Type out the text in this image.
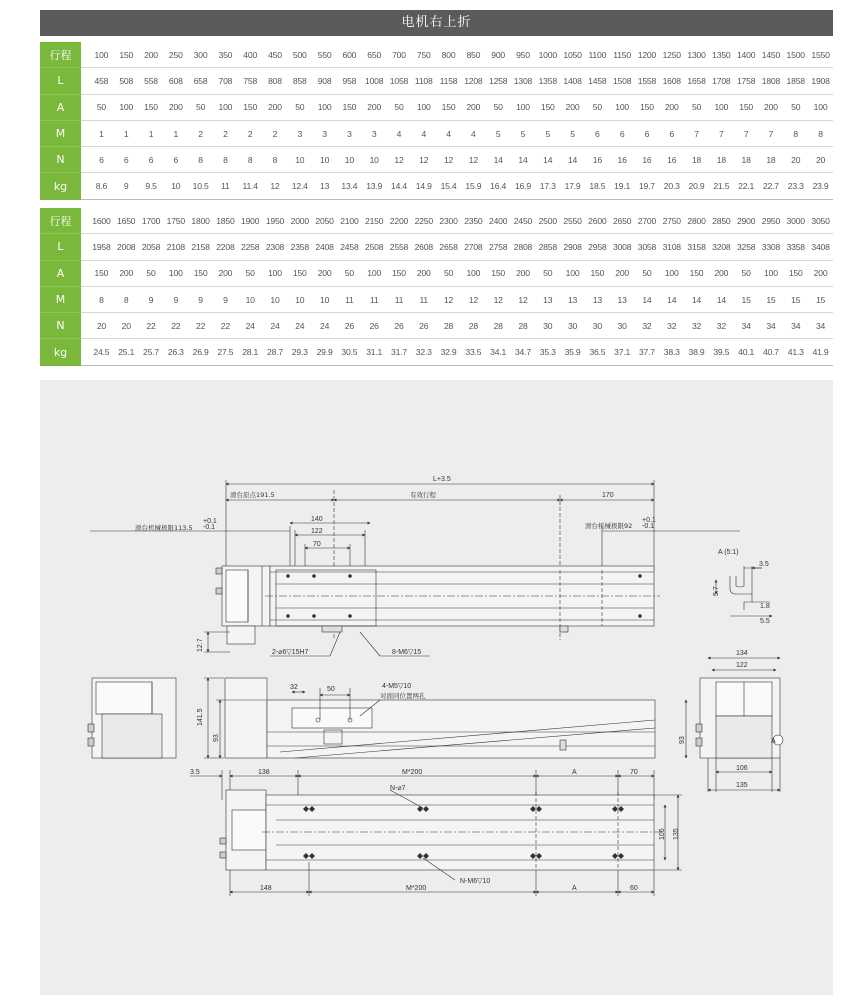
电机右上折
行程		100	150	200	250	300	350	400	450	500	550	600	650	700	750	800	850	900	950	1000	1050	1100	1150	1200	1250	1300	1350	1400	1450	1500	1550
L		458	508	558	608	658	708	758	808	858	908	958	1008	1058	1108	1158	1208	1258	1308	1358	1408	1458	1508	1558	1608	1658	1708	1758	1808	1858	1908
A		50	100	150	200	50	100	150	200	50	100	150	200	50	100	150	200	50	100	150	200	50	100	150	200	50	100	150	200	50	100
M		1	1	1	1	2	2	2	2	3	3	3	3	4	4	4	4	5	5	5	5	6	6	6	6	7	7	7	7	8	8
N		6	6	6	6	8	8	8	8	10	10	10	10	12	12	12	12	14	14	14	14	16	16	16	16	18	18	18	18	20	20
kg		8.6	9	9.5	10	10.5	11	11.4	12	12.4	13	13.4	13.9	14.4	14.9	15.4	15.9	16.4	16.9	17.3	17.9	18.5	19.1	19.7	20.3	20.9	21.5	22.1	22.7	23.3	23.9
行程		1600	1650	1700	1750	1800	1850	1900	1950	2000	2050	2100	2150	2200	2250	2300	2350	2400	2450	2500	2550	2600	2650	2700	2750	2800	2850	2900	2950	3000	3050
L		1958	2008	2058	2108	2158	2208	2258	2308	2358	2408	2458	2508	2558	2608	2658	2708	2758	2808	2858	2908	2958	3008	3058	3108	3158	3208	3258	3308	3358	3408
A		150	200	50	100	150	200	50	100	150	200	50	100	150	200	50	100	150	200	50	100	150	200	50	100	150	200	50	100	150	200
M		8	8	9	9	9	9	10	10	10	10	11	11	11	11	12	12	12	12	13	13	13	13	14	14	14	14	15	15	15	15
N		20	20	22	22	22	22	24	24	24	24	26	26	26	26	28	28	28	28	30	30	30	30	32	32	32	32	34	34	34	34
kg		24.5	25.1	25.7	26.3	26.9	27.5	28.1	28.7	29.3	29.9	30.5	31.1	31.7	32.3	32.9	33.5	34.1	34.7	35.3	35.9	36.5	37.1	37.7	38.3	38.9	39.5	40.1	40.7	41.3	41.9
L+3.5
滑台原点191.5	有效行程	170
滑台机械极限113.5
+0.1
-0.1	滑台机械极限92
+0.1
-0.1
140
122
70
12.7
2-⌀6▽15H7	8-M6▽15
A (5:1)
3.5
5.7
1.8
5.5
32	50	4-M5▽10
对面同位置两孔
141.5
93
134
122
A
93
106
135
3.5	138	M*200	A	70
N-⌀7
N-M6▽10
106 135
148	M*200	A	60
